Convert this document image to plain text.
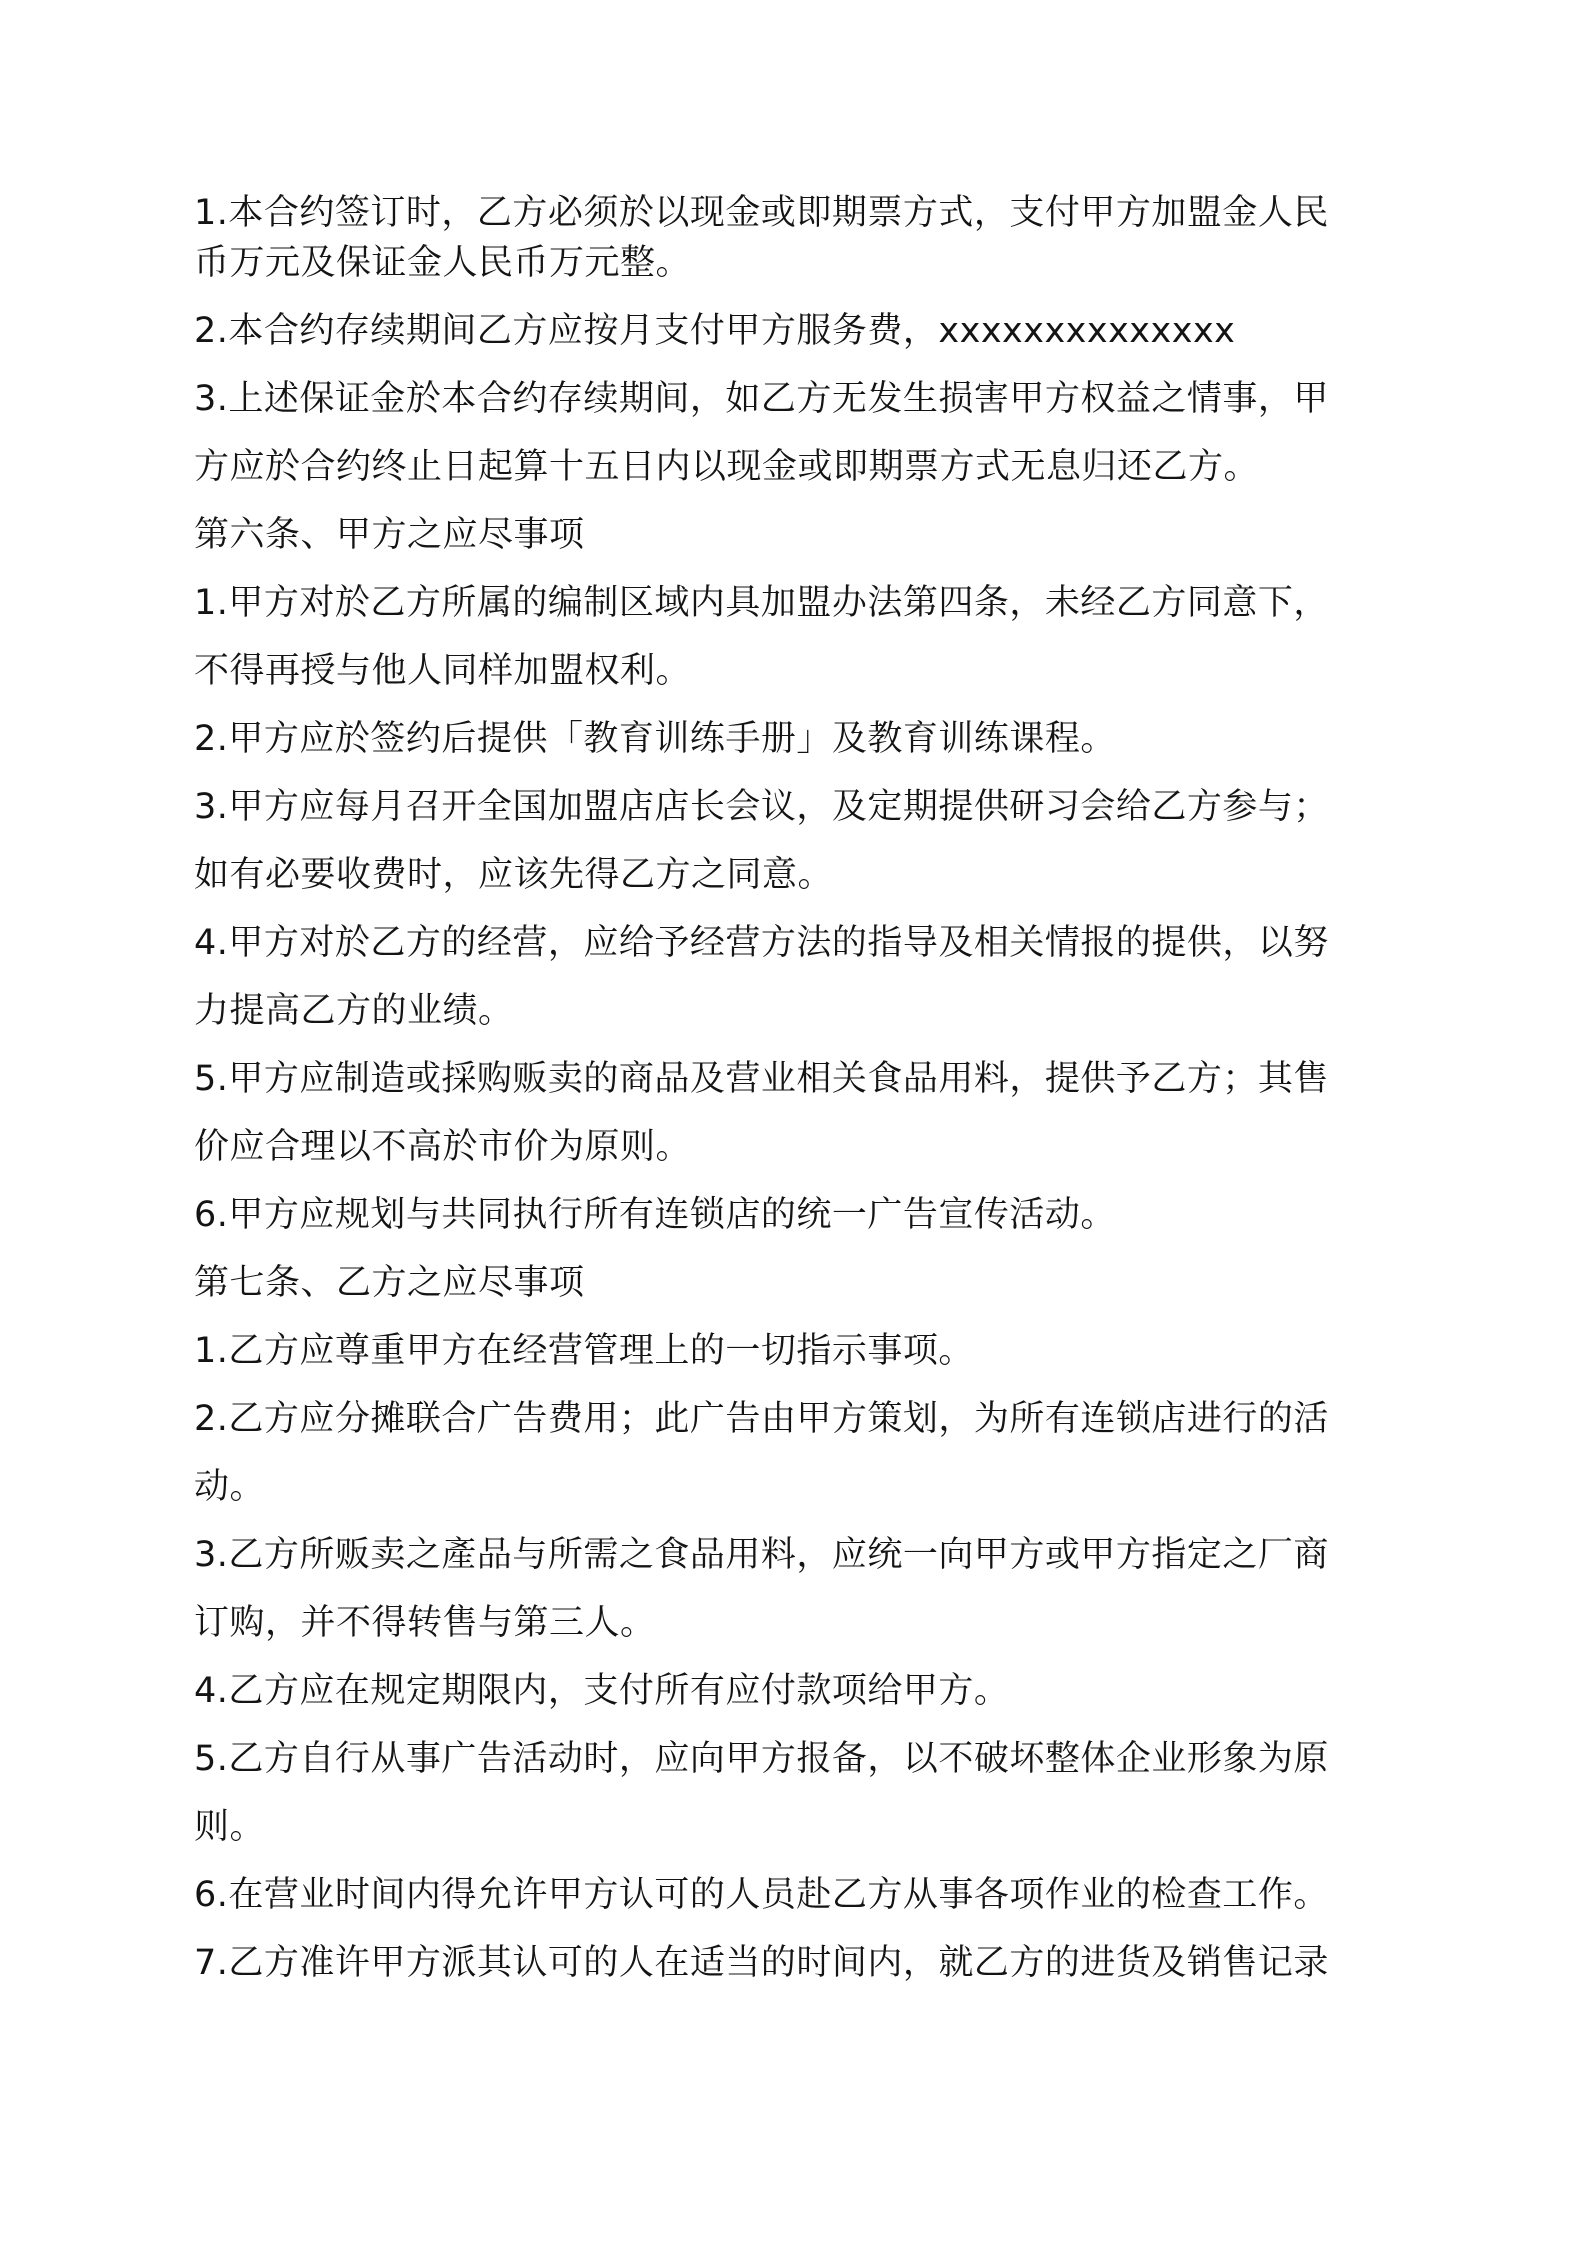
1.本合约签订时，乙方必须於以现金或即期票方式，支付甲方加盟金人民
币万元及保证金人民币万元整。
2.本合约存续期间乙方应按月支付甲方服务费，xxxxxxxxxxxxxx
3.上述保证金於本合约存续期间，如乙方无发生损害甲方权益之情事，甲
方应於合约终止日起算十五日内以现金或即期票方式无息归还乙方。
第六条、甲方之应尽事项
1.甲方对於乙方所属的编制区域内具加盟办法第四条，未经乙方同意下，
不得再授与他人同样加盟权利。
2.甲方应於签约后提供「教育训练手册」及教育训练课程。
3.甲方应每月召开全国加盟店店长会议，及定期提供研习会给乙方参与；
如有必要收费时，应该先得乙方之同意。
4.甲方对於乙方的经营，应给予经营方法的指导及相关情报的提供，以努
力提高乙方的业绩。
5.甲方应制造或採购贩卖的商品及营业相关食品用料，提供予乙方；其售
价应合理以不高於市价为原则。
6.甲方应规划与共同执行所有连锁店的统一广告宣传活动。
第七条、乙方之应尽事项
1.乙方应尊重甲方在经营管理上的一切指示事项。
2.乙方应分摊联合广告费用；此广告由甲方策划，为所有连锁店进行的活
动。
3.乙方所贩卖之產品与所需之食品用料，应统一向甲方或甲方指定之厂商
订购，并不得转售与第三人。
4.乙方应在规定期限内，支付所有应付款项给甲方。
5.乙方自行从事广告活动时，应向甲方报备，以不破坏整体企业形象为原
则。
6.在营业时间内得允许甲方认可的人员赴乙方从事各项作业的检查工作。
7.乙方准许甲方派其认可的人在适当的时间内，就乙方的进货及销售记录
